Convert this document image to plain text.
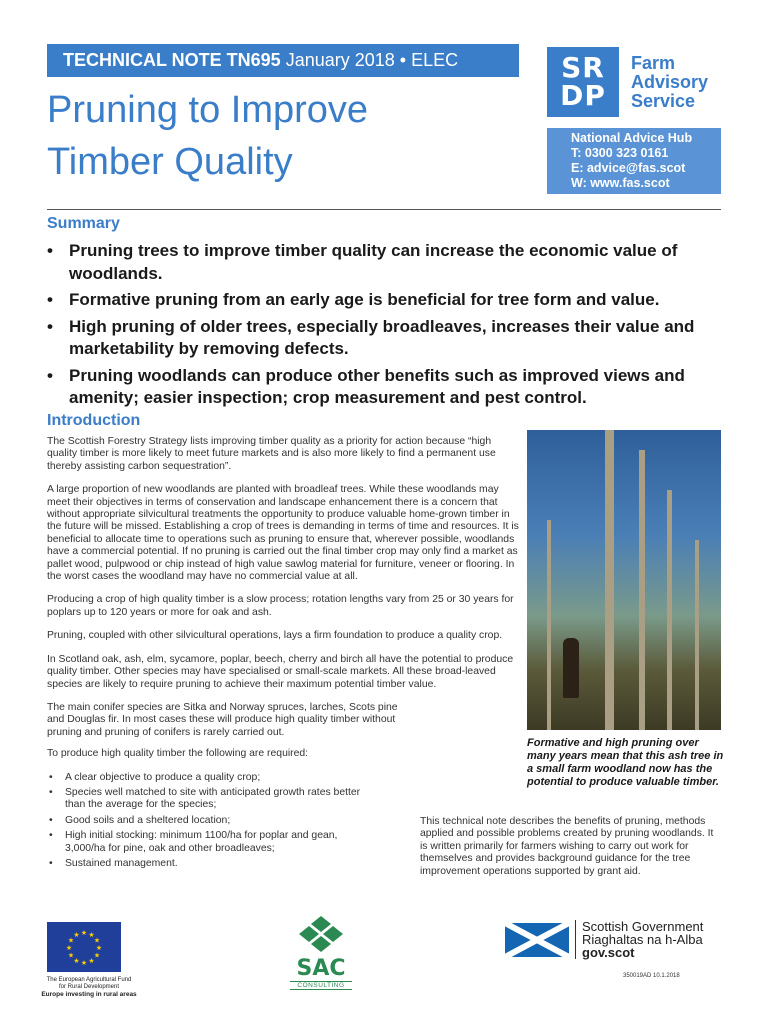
TECHNICAL NOTE TN695 January 2018 • ELEC
Pruning to Improve
Timber Quality
SR
DP
Farm
Advisory
Service
National Advice Hub
T: 0300 323 0161
E: advice@fas.scot
W: www.fas.scot
Summary
• Pruning trees to improve timber quality can increase the economic value of woodlands.
• Formative pruning from an early age is beneficial for tree form and value.
• High pruning of older trees, especially broadleaves, increases their value and marketability by removing defects.
• Pruning woodlands can produce other benefits such as improved views and amenity; easier inspection; crop measurement and pest control.
Introduction

The Scottish Forestry Strategy lists improving timber quality as a priority for action because “high quality timber is more likely to meet future markets and is also more likely to find a permanent use thereby assisting carbon sequestration”.

A large proportion of new woodlands are planted with broadleaf trees. While these woodlands may meet their objectives in terms of conservation and landscape enhancement there is a concern that without appropriate silvicultural treatments the opportunity to produce valuable home-grown timber in the future will be missed. Establishing a crop of trees is demanding in terms of time and resources. It is beneficial to allocate time to operations such as pruning to ensure that, wherever possible, woodlands have a commercial potential. If no pruning is carried out the final timber crop may only find a market as pallet wood, pulpwood or chip instead of high value sawlog material for furniture, veneer or flooring. In the worst cases the woodland may have no commercial value at all.

Producing a crop of high quality timber is a slow process; rotation lengths vary from 25 or 30 years for poplars up to 120 years or more for oak and ash.

Pruning, coupled with other silvicultural operations, lays a firm foundation to produce a quality crop.

In Scotland oak, ash, elm, sycamore, poplar, beech, cherry and birch all have the potential to produce quality timber. Other species may have specialised or small-scale markets. All these broad-leaved species are likely to require pruning to achieve their maximum potential timber value.

The main conifer species are Sitka and Norway spruces, larches, Scots pine and Douglas fir. In most cases these will produce high quality timber without pruning and pruning of conifers is rarely carried out.

To produce high quality timber the following are required:

• A clear objective to produce a quality crop;
• Species well matched to site with anticipated growth rates better than the average for the species;
• Good soils and a sheltered location;
• High initial stocking: minimum 1100/ha for poplar and gean, 3,000/ha for pine, oak and other broadleaves;
• Sustained management.
Formative and high pruning over many years mean that this ash tree in a small farm woodland now has the potential to produce valuable timber.

This technical note describes the benefits of pruning, methods applied and possible problems created by pruning woodlands. It is written primarily for farmers wishing to carry out work for themselves and provides background guidance for the tree improvement operations supported by grant aid.

★
★
★
★
★
★
★
★
★ ★ ★
★
The European Agricultural Fund
for Rural Development
Europe investing in rural areas
SAC
CONSULTING
Scottish Government
Riaghaltas na h-Alba
gov.scot
350019AD 10.1.2018
